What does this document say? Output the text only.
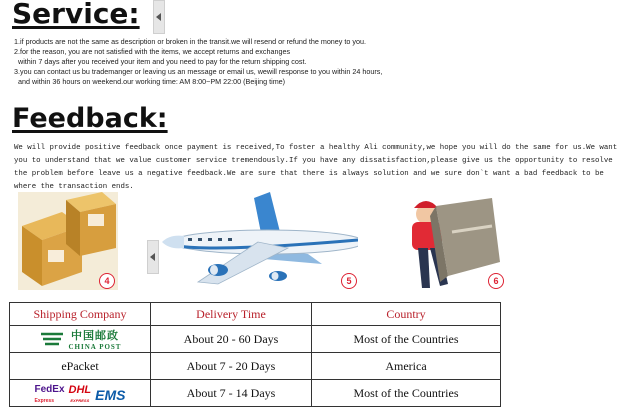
Service:
1.if products are not the same as description or broken in the transit.we will resend or refund the money to you.
2.for the reason, you are not satisfied with the items, we accept returns and exchanges
within 7 days after you received your item and you need to pay for the return shipping cost.
3.you can contact us bu trademanger or leaving us an message or email us, wewill response to you within 24 hours,
and within 36 hours on weekend.our working time: AM 8:00~PM 22:00 (Beijing time)
Feedback:
We will provide positive feedback once payment is received,To foster a healthy Ali community,we hope you will do the same for us.We want you to understand that we value customer service tremendously.If you have any dissatisfaction,please give us the opportunity to resolve the problem before leave us a negative feedback.We are sure that there is always solution and we sure don`t want a bad feedback to be where the transaction ends.
4	5	6
Shipping Company	Delivery Time	Country

中国邮政
CHINA POST	About 20 - 60 Days	Most of the Countries
ePacket	About 7 - 20 Days	America

FedEx
Express
DHL
EXPRESS EMS	About 7 - 14 Days	Most of the Countries
